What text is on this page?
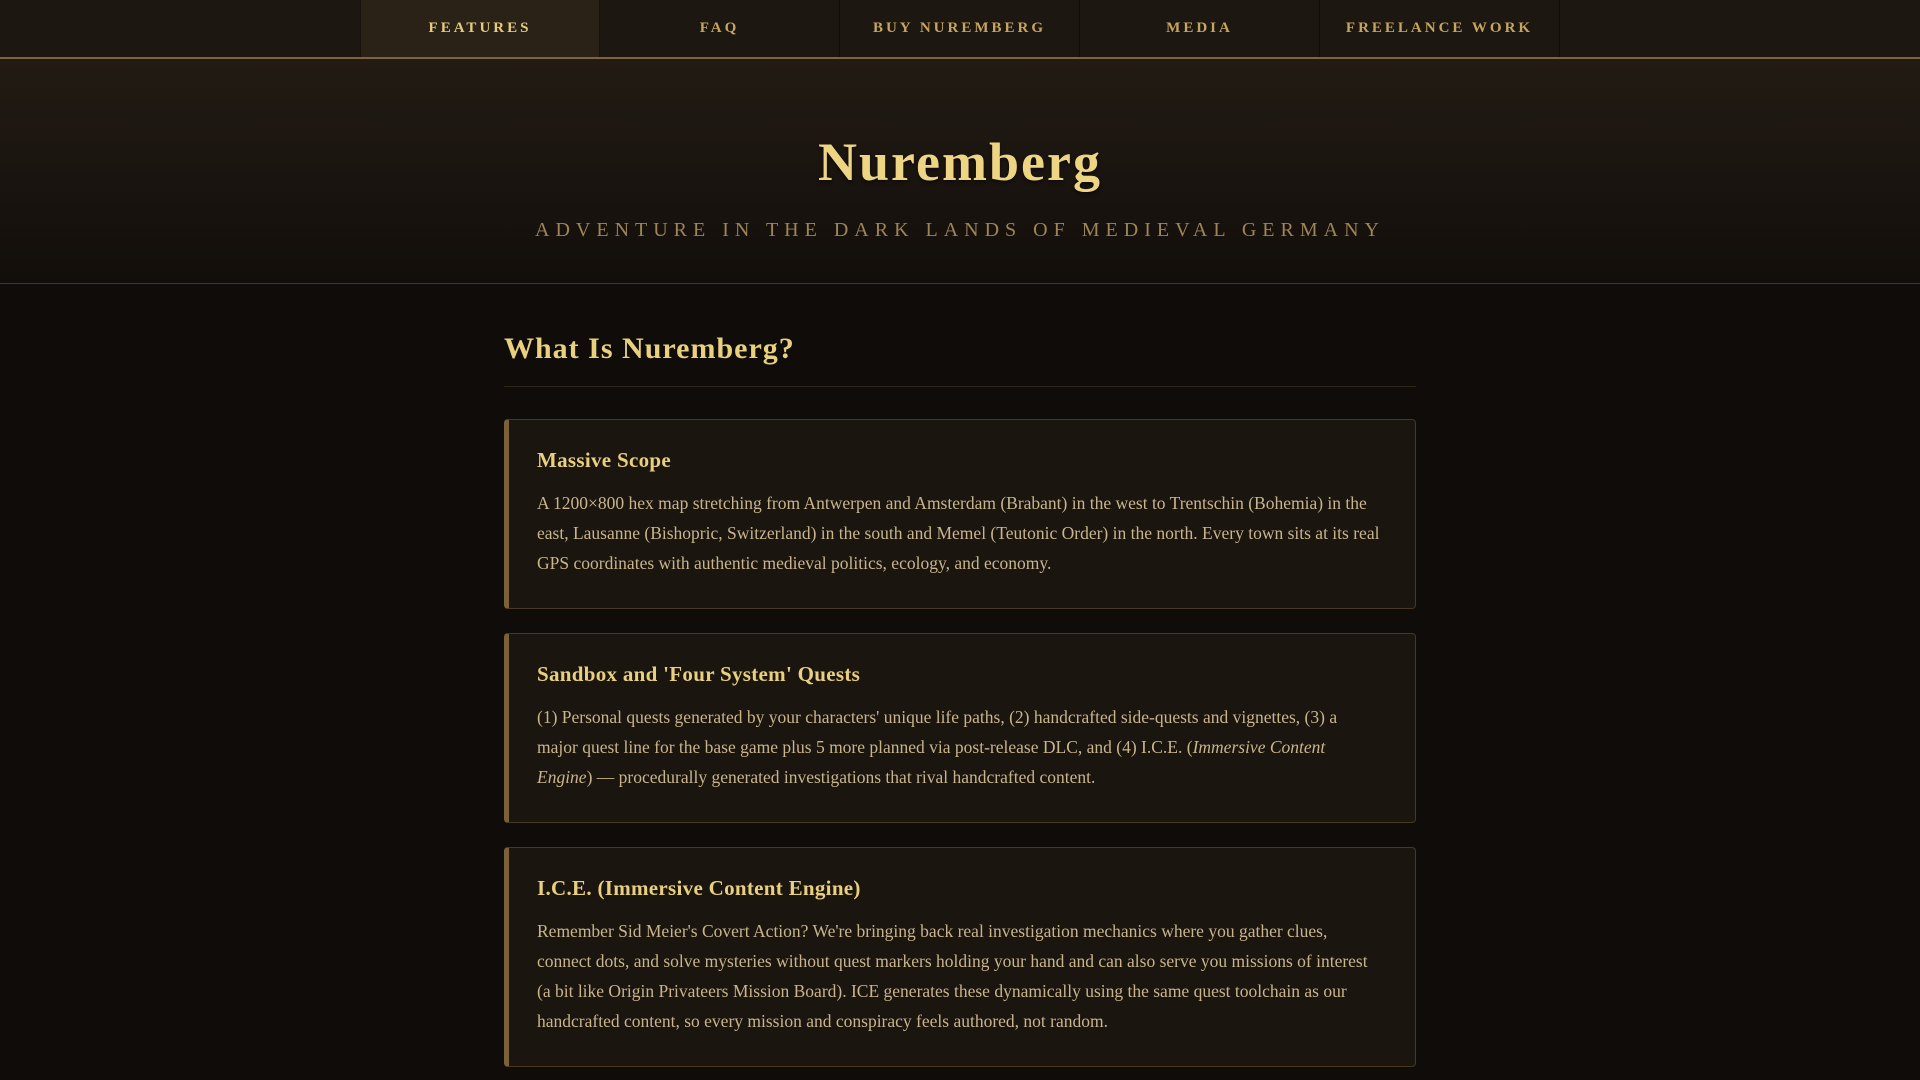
FEATURES	FAQ	BUY NUREMBERG	MEDIA	FREELANCE WORK
Nuremberg
ADVENTURE IN THE DARK LANDS OF MEDIEVAL GERMANY
What Is Nuremberg?
Massive Scope

A 1200×800 hex map stretching from Antwerpen and Amsterdam (Brabant) in the west to Trentschin (Bohemia) in the east, Lausanne (Bishopric, Switzerland) in the south and Memel (Teutonic Order) in the north. Every town sits at its real GPS coordinates with authentic medieval politics, ecology, and economy.

Sandbox and 'Four System' Quests

(1) Personal quests generated by your characters' unique life paths, (2) handcrafted side-quests and vignettes, (3) a major quest line for the base game plus 5 more planned via post-release DLC, and (4) I.C.E. (Immersive Content Engine) — procedurally generated investigations that rival handcrafted content.

I.C.E. (Immersive Content Engine)

Remember Sid Meier's Covert Action? We're bringing back real investigation mechanics where you gather clues, connect dots, and solve mysteries without quest markers holding your hand and can also serve you missions of interest (a bit like Origin Privateers Mission Board). ICE generates these dynamically using the same quest toolchain as our handcrafted content, so every mission and conspiracy feels authored, not random.
